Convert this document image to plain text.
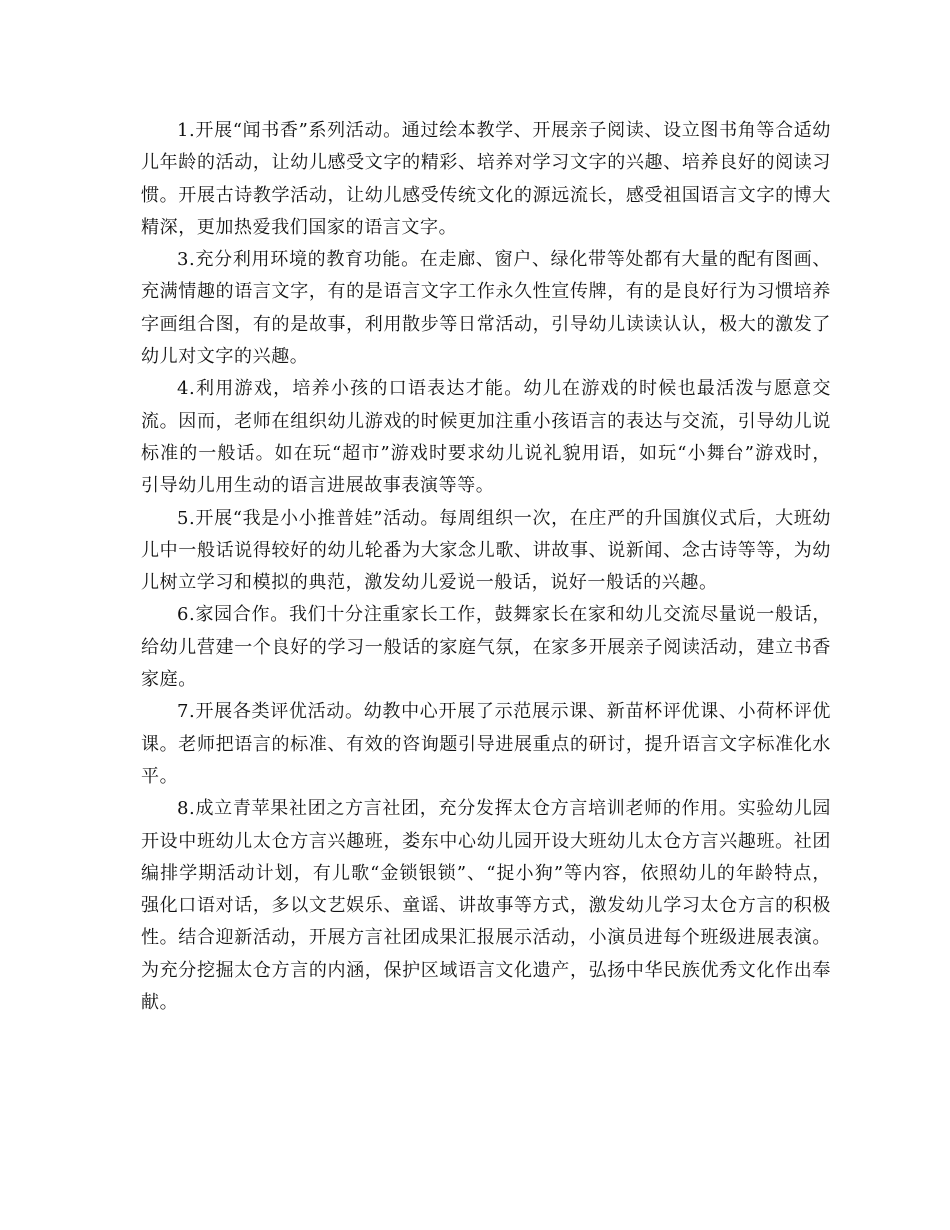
1.开展“闻书香”系列活动。通过绘本教学、开展亲子阅读、设立图书角等合适幼儿年龄的活动，让幼儿感受文字的精彩、培养对学习文字的兴趣、培养良好的阅读习惯。开展古诗教学活动，让幼儿感受传统文化的源远流长，感受祖国语言文字的博大精深，更加热爱我们国家的语言文字。

3.充分利用环境的教育功能。在走廊、窗户、绿化带等处都有大量的配有图画、充满情趣的语言文字，有的是语言文字工作永久性宣传牌，有的是良好行为习惯培养字画组合图，有的是故事，利用散步等日常活动，引导幼儿读读认认，极大的激发了幼儿对文字的兴趣。

4.利用游戏，培养小孩的口语表达才能。幼儿在游戏的时候也最活泼与愿意交流。因而，老师在组织幼儿游戏的时候更加注重小孩语言的表达与交流，引导幼儿说标准的一般话。如在玩“超市”游戏时要求幼儿说礼貌用语，如玩“小舞台”游戏时，引导幼儿用生动的语言进展故事表演等等。

5.开展“我是小小推普娃”活动。每周组织一次，在庄严的升国旗仪式后，大班幼儿中一般话说得较好的幼儿轮番为大家念儿歌、讲故事、说新闻、念古诗等等，为幼儿树立学习和模拟的典范，激发幼儿爱说一般话，说好一般话的兴趣。

6.家园合作。我们十分注重家长工作，鼓舞家长在家和幼儿交流尽量说一般话，给幼儿营建一个良好的学习一般话的家庭气氛，在家多开展亲子阅读活动，建立书香家庭。

7.开展各类评优活动。幼教中心开展了示范展示课、新苗杯评优课、小荷杯评优课。老师把语言的标准、有效的咨询题引导进展重点的研讨，提升语言文字标准化水平。

8.成立青苹果社团之方言社团，充分发挥太仓方言培训老师的作用。实验幼儿园开设中班幼儿太仓方言兴趣班，娄东中心幼儿园开设大班幼儿太仓方言兴趣班。社团编排学期活动计划，有儿歌“金锁银锁”、“捉小狗”等内容，依照幼儿的年龄特点，强化口语对话，多以文艺娱乐、童谣、讲故事等方式，激发幼儿学习太仓方言的积极性。结合迎新活动，开展方言社团成果汇报展示活动，小演员进每个班级进展表演。为充分挖掘太仓方言的内涵，保护区域语言文化遗产，弘扬中华民族优秀文化作出奉献。
